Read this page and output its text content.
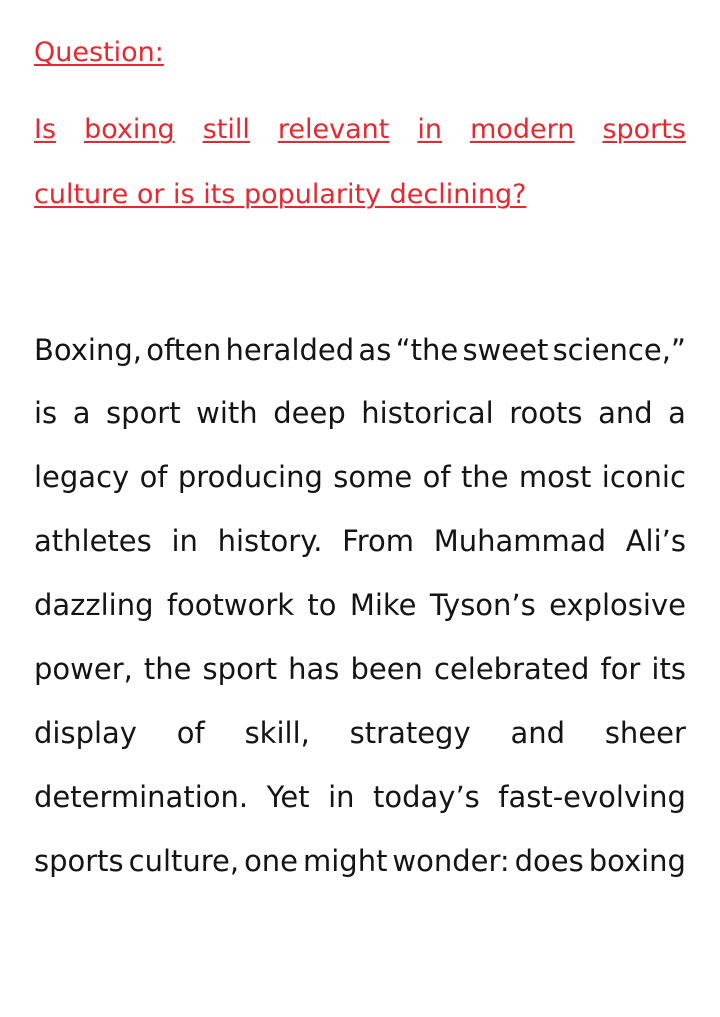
Question:
Is boxing still relevant in modern sports
culture or is its popularity declining?
Boxing, often heralded as “the sweet science,”
is a sport with deep historical roots and a
legacy of producing some of the most iconic
athletes in history. From Muhammad Ali’s
dazzling footwork to Mike Tyson’s explosive
power, the sport has been celebrated for its
display of skill, strategy and sheer
determination. Yet in today’s fast-evolving
sports culture, one might wonder: does boxing
